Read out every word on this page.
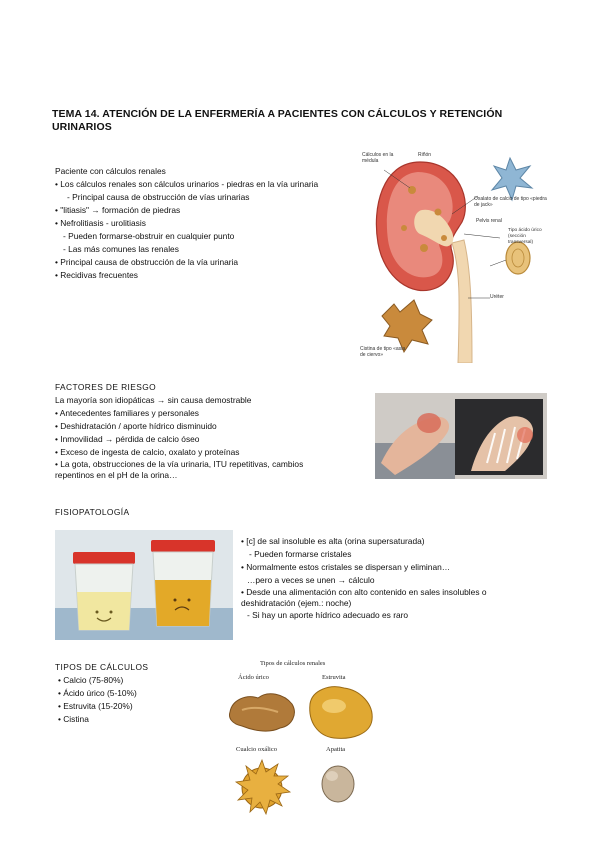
TEMA 14. ATENCIÓN DE LA ENFERMERÍA A PACIENTES CON CÁLCULOS Y RETENCIÓN URINARIOS
Paciente con cálculos renales
• Los cálculos renales son cálculos urinarios - piedras en la vía urinaria
- Principal causa de obstrucción de vías urinarias
• "litiasis" → formación de piedras
• Nefrolitiasis - urolitiasis
- Pueden formarse-obstruir en cualquier punto
- Las más comunes las renales
• Principal causa de obstrucción de la vía urinaria
• Recidivas frecuentes
Cálculos en la médula
Riñón
Oxalato de calcio de tipo «piedra de jack»
Pelvis renal
Tipo ácido úrico (sección transversal)
Uréter
Cistina de tipo «asta de ciervo»
FACTORES DE RIESGO
La mayoría son idiopáticas → sin causa demostrable
• Antecedentes familiares y personales
• Deshidratación / aporte hídrico disminuido
• Inmovilidad → pérdida de calcio óseo
• Exceso de ingesta de calcio, oxalato y proteínas
• La gota, obstrucciones de la vía urinaria, ITU repetitivas, cambios
repentinos en el pH de la orina…
FISIOPATOLOGÍA
• [c] de sal insoluble es alta (orina supersaturada)
- Pueden formarse cristales
• Normalmente estos cristales se dispersan y eliminan…
…pero a veces se unen → cálculo
• Desde una alimentación con alto contenido en sales insolubles o
deshidratación (ejem.: noche)
- Si hay un aporte hídrico adecuado es raro
TIPOS DE CÁLCULOS
• Calcio (75-80%)
• Ácido úrico (5-10%)
• Estruvita (15-20%)
• Cistina
Tipos de cálculos renales
Ácido úrico	Estruvita
Cualcio oxálico	Apatita
